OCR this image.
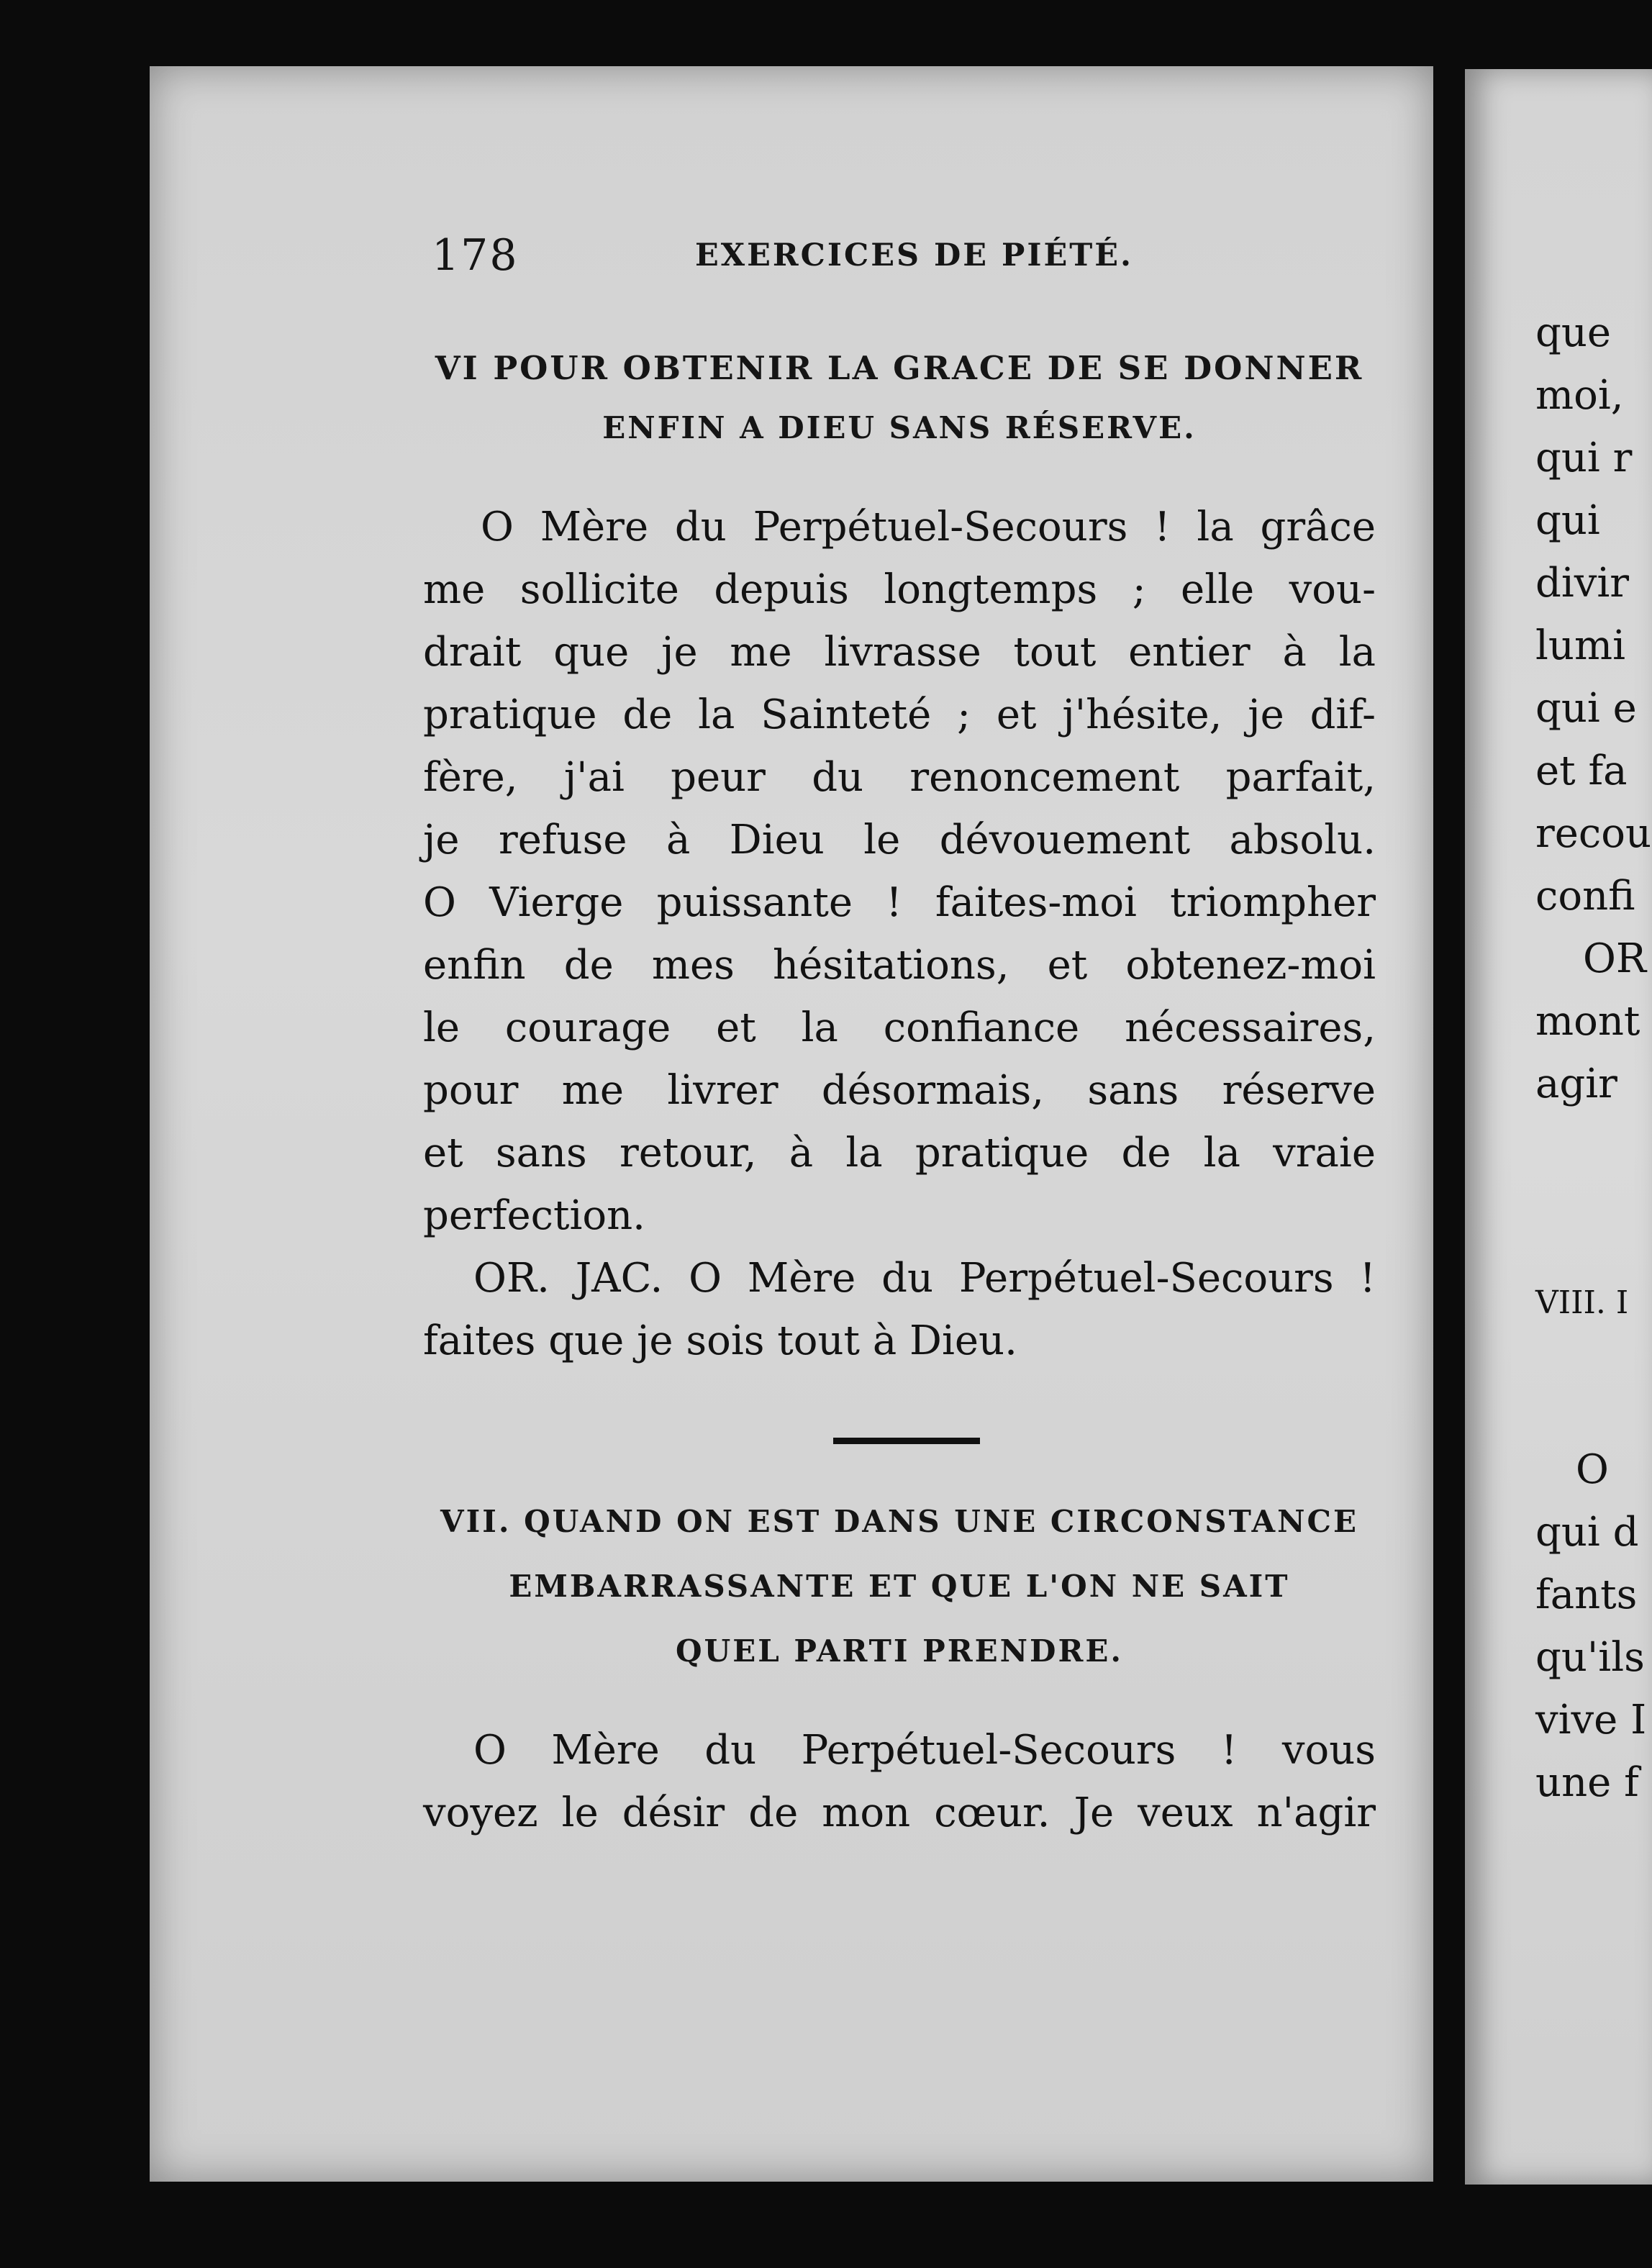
178	EXERCICES DE PIÉTÉ.

VI POUR OBTENIR LA GRACE DE SE DONNER

ENFIN A DIEU SANS RÉSERVE.

O Mère du Perpétuel-Secours ! la grâce

me sollicite depuis longtemps ; elle vou-

drait que je me livrasse tout entier à la

pratique de la Sainteté ; et j'hésite, je dif-

fère, j'ai peur du renoncement parfait,

je refuse à Dieu le dévouement absolu.

O Vierge puissante ! faites-moi triompher

enfin de mes hésitations, et obtenez-moi

le courage et la confiance nécessaires,

pour me livrer désormais, sans réserve

et sans retour, à la pratique de la vraie

perfection.

OR. JAC. O Mère du Perpétuel-Secours !

faites que je sois tout à Dieu.

VII. QUAND ON EST DANS UNE CIRCONSTANCE

EMBARRASSANTE ET QUE L'ON NE SAIT

QUEL PARTI PRENDRE.

O Mère du Perpétuel-Secours ! vous

voyez le désir de mon cœur. Je veux n'agir

que

moi,

qui r

qui

divir

lumi

qui e

et fa

recou

confi

OR

mont

agir

VIII. I

O

qui d

fants

qu'ils

vive I

une f
